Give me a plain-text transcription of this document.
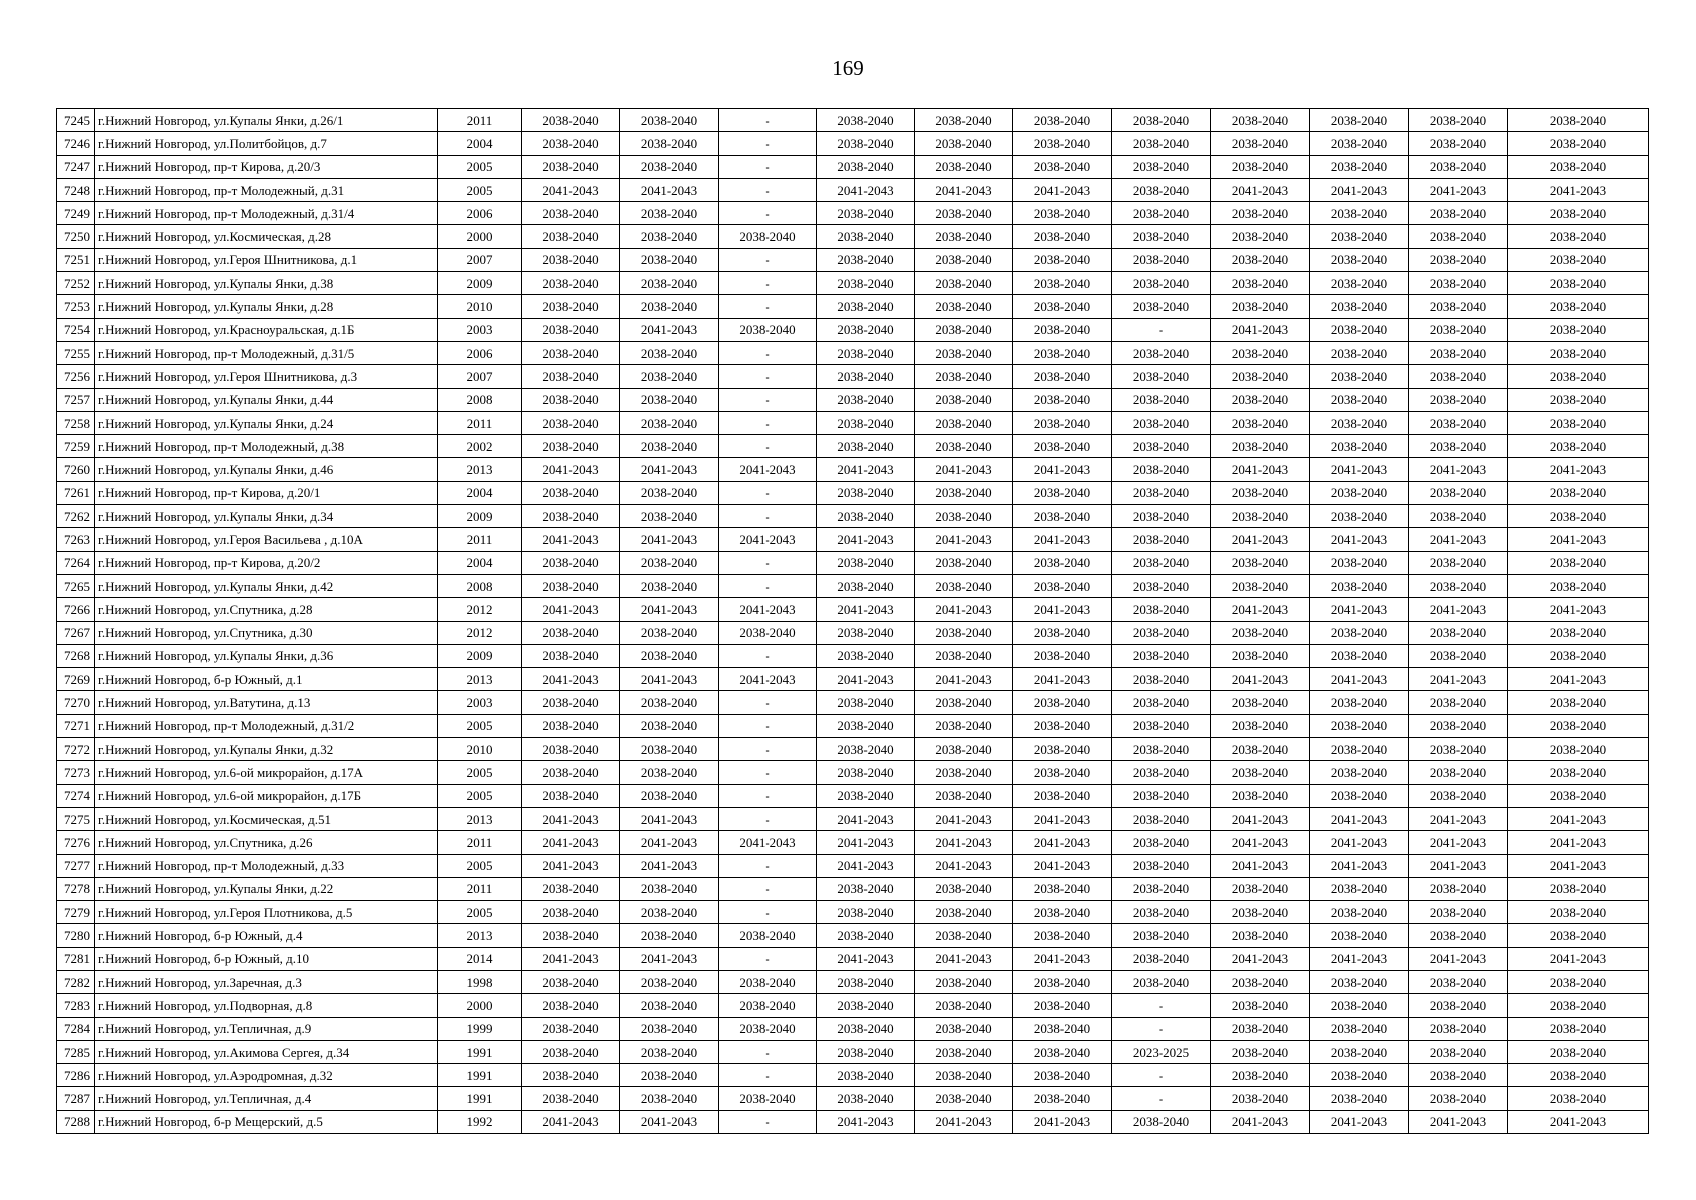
169
7245	г.Нижний Новгород, ул.Купалы Янки, д.26/1	2011	2038-2040	2038-2040	-	2038-2040	2038-2040	2038-2040	2038-2040	2038-2040	2038-2040	2038-2040	2038-2040
7246	г.Нижний Новгород, ул.Политбойцов, д.7	2004	2038-2040	2038-2040	-	2038-2040	2038-2040	2038-2040	2038-2040	2038-2040	2038-2040	2038-2040	2038-2040
7247	г.Нижний Новгород, пр-т Кирова, д.20/3	2005	2038-2040	2038-2040	-	2038-2040	2038-2040	2038-2040	2038-2040	2038-2040	2038-2040	2038-2040	2038-2040
7248	г.Нижний Новгород, пр-т Молодежный, д.31	2005	2041-2043	2041-2043	-	2041-2043	2041-2043	2041-2043	2038-2040	2041-2043	2041-2043	2041-2043	2041-2043
7249	г.Нижний Новгород, пр-т Молодежный, д.31/4	2006	2038-2040	2038-2040	-	2038-2040	2038-2040	2038-2040	2038-2040	2038-2040	2038-2040	2038-2040	2038-2040
7250	г.Нижний Новгород, ул.Космическая, д.28	2000	2038-2040	2038-2040	2038-2040	2038-2040	2038-2040	2038-2040	2038-2040	2038-2040	2038-2040	2038-2040	2038-2040
7251	г.Нижний Новгород, ул.Героя Шнитникова, д.1	2007	2038-2040	2038-2040	-	2038-2040	2038-2040	2038-2040	2038-2040	2038-2040	2038-2040	2038-2040	2038-2040
7252	г.Нижний Новгород, ул.Купалы Янки, д.38	2009	2038-2040	2038-2040	-	2038-2040	2038-2040	2038-2040	2038-2040	2038-2040	2038-2040	2038-2040	2038-2040
7253	г.Нижний Новгород, ул.Купалы Янки, д.28	2010	2038-2040	2038-2040	-	2038-2040	2038-2040	2038-2040	2038-2040	2038-2040	2038-2040	2038-2040	2038-2040
7254	г.Нижний Новгород, ул.Красноуральская, д.1Б	2003	2038-2040	2041-2043	2038-2040	2038-2040	2038-2040	2038-2040	-	2041-2043	2038-2040	2038-2040	2038-2040
7255	г.Нижний Новгород, пр-т Молодежный, д.31/5	2006	2038-2040	2038-2040	-	2038-2040	2038-2040	2038-2040	2038-2040	2038-2040	2038-2040	2038-2040	2038-2040
7256	г.Нижний Новгород, ул.Героя Шнитникова, д.3	2007	2038-2040	2038-2040	-	2038-2040	2038-2040	2038-2040	2038-2040	2038-2040	2038-2040	2038-2040	2038-2040
7257	г.Нижний Новгород, ул.Купалы Янки, д.44	2008	2038-2040	2038-2040	-	2038-2040	2038-2040	2038-2040	2038-2040	2038-2040	2038-2040	2038-2040	2038-2040
7258	г.Нижний Новгород, ул.Купалы Янки, д.24	2011	2038-2040	2038-2040	-	2038-2040	2038-2040	2038-2040	2038-2040	2038-2040	2038-2040	2038-2040	2038-2040
7259	г.Нижний Новгород, пр-т Молодежный, д.38	2002	2038-2040	2038-2040	-	2038-2040	2038-2040	2038-2040	2038-2040	2038-2040	2038-2040	2038-2040	2038-2040
7260	г.Нижний Новгород, ул.Купалы Янки, д.46	2013	2041-2043	2041-2043	2041-2043	2041-2043	2041-2043	2041-2043	2038-2040	2041-2043	2041-2043	2041-2043	2041-2043
7261	г.Нижний Новгород, пр-т Кирова, д.20/1	2004	2038-2040	2038-2040	-	2038-2040	2038-2040	2038-2040	2038-2040	2038-2040	2038-2040	2038-2040	2038-2040
7262	г.Нижний Новгород, ул.Купалы Янки, д.34	2009	2038-2040	2038-2040	-	2038-2040	2038-2040	2038-2040	2038-2040	2038-2040	2038-2040	2038-2040	2038-2040
7263	г.Нижний Новгород, ул.Героя Васильева , д.10А	2011	2041-2043	2041-2043	2041-2043	2041-2043	2041-2043	2041-2043	2038-2040	2041-2043	2041-2043	2041-2043	2041-2043
7264	г.Нижний Новгород, пр-т Кирова, д.20/2	2004	2038-2040	2038-2040	-	2038-2040	2038-2040	2038-2040	2038-2040	2038-2040	2038-2040	2038-2040	2038-2040
7265	г.Нижний Новгород, ул.Купалы Янки, д.42	2008	2038-2040	2038-2040	-	2038-2040	2038-2040	2038-2040	2038-2040	2038-2040	2038-2040	2038-2040	2038-2040
7266	г.Нижний Новгород, ул.Спутника, д.28	2012	2041-2043	2041-2043	2041-2043	2041-2043	2041-2043	2041-2043	2038-2040	2041-2043	2041-2043	2041-2043	2041-2043
7267	г.Нижний Новгород, ул.Спутника, д.30	2012	2038-2040	2038-2040	2038-2040	2038-2040	2038-2040	2038-2040	2038-2040	2038-2040	2038-2040	2038-2040	2038-2040
7268	г.Нижний Новгород, ул.Купалы Янки, д.36	2009	2038-2040	2038-2040	-	2038-2040	2038-2040	2038-2040	2038-2040	2038-2040	2038-2040	2038-2040	2038-2040
7269	г.Нижний Новгород, б-р Южный, д.1	2013	2041-2043	2041-2043	2041-2043	2041-2043	2041-2043	2041-2043	2038-2040	2041-2043	2041-2043	2041-2043	2041-2043
7270	г.Нижний Новгород, ул.Ватутина, д.13	2003	2038-2040	2038-2040	-	2038-2040	2038-2040	2038-2040	2038-2040	2038-2040	2038-2040	2038-2040	2038-2040
7271	г.Нижний Новгород, пр-т Молодежный, д.31/2	2005	2038-2040	2038-2040	-	2038-2040	2038-2040	2038-2040	2038-2040	2038-2040	2038-2040	2038-2040	2038-2040
7272	г.Нижний Новгород, ул.Купалы Янки, д.32	2010	2038-2040	2038-2040	-	2038-2040	2038-2040	2038-2040	2038-2040	2038-2040	2038-2040	2038-2040	2038-2040
7273	г.Нижний Новгород, ул.6-ой микрорайон, д.17А	2005	2038-2040	2038-2040	-	2038-2040	2038-2040	2038-2040	2038-2040	2038-2040	2038-2040	2038-2040	2038-2040
7274	г.Нижний Новгород, ул.6-ой микрорайон, д.17Б	2005	2038-2040	2038-2040	-	2038-2040	2038-2040	2038-2040	2038-2040	2038-2040	2038-2040	2038-2040	2038-2040
7275	г.Нижний Новгород, ул.Космическая, д.51	2013	2041-2043	2041-2043	-	2041-2043	2041-2043	2041-2043	2038-2040	2041-2043	2041-2043	2041-2043	2041-2043
7276	г.Нижний Новгород, ул.Спутника, д.26	2011	2041-2043	2041-2043	2041-2043	2041-2043	2041-2043	2041-2043	2038-2040	2041-2043	2041-2043	2041-2043	2041-2043
7277	г.Нижний Новгород, пр-т Молодежный, д.33	2005	2041-2043	2041-2043	-	2041-2043	2041-2043	2041-2043	2038-2040	2041-2043	2041-2043	2041-2043	2041-2043
7278	г.Нижний Новгород, ул.Купалы Янки, д.22	2011	2038-2040	2038-2040	-	2038-2040	2038-2040	2038-2040	2038-2040	2038-2040	2038-2040	2038-2040	2038-2040
7279	г.Нижний Новгород, ул.Героя Плотникова, д.5	2005	2038-2040	2038-2040	-	2038-2040	2038-2040	2038-2040	2038-2040	2038-2040	2038-2040	2038-2040	2038-2040
7280	г.Нижний Новгород, б-р Южный, д.4	2013	2038-2040	2038-2040	2038-2040	2038-2040	2038-2040	2038-2040	2038-2040	2038-2040	2038-2040	2038-2040	2038-2040
7281	г.Нижний Новгород, б-р Южный, д.10	2014	2041-2043	2041-2043	-	2041-2043	2041-2043	2041-2043	2038-2040	2041-2043	2041-2043	2041-2043	2041-2043
7282	г.Нижний Новгород, ул.Заречная, д.3	1998	2038-2040	2038-2040	2038-2040	2038-2040	2038-2040	2038-2040	2038-2040	2038-2040	2038-2040	2038-2040	2038-2040
7283	г.Нижний Новгород, ул.Подворная, д.8	2000	2038-2040	2038-2040	2038-2040	2038-2040	2038-2040	2038-2040	-	2038-2040	2038-2040	2038-2040	2038-2040
7284	г.Нижний Новгород, ул.Тепличная, д.9	1999	2038-2040	2038-2040	2038-2040	2038-2040	2038-2040	2038-2040	-	2038-2040	2038-2040	2038-2040	2038-2040
7285	г.Нижний Новгород, ул.Акимова Сергея, д.34	1991	2038-2040	2038-2040	-	2038-2040	2038-2040	2038-2040	2023-2025	2038-2040	2038-2040	2038-2040	2038-2040
7286	г.Нижний Новгород, ул.Аэродромная, д.32	1991	2038-2040	2038-2040	-	2038-2040	2038-2040	2038-2040	-	2038-2040	2038-2040	2038-2040	2038-2040
7287	г.Нижний Новгород, ул.Тепличная, д.4	1991	2038-2040	2038-2040	2038-2040	2038-2040	2038-2040	2038-2040	-	2038-2040	2038-2040	2038-2040	2038-2040
7288	г.Нижний Новгород, б-р Мещерский, д.5	1992	2041-2043	2041-2043	-	2041-2043	2041-2043	2041-2043	2038-2040	2041-2043	2041-2043	2041-2043	2041-2043
